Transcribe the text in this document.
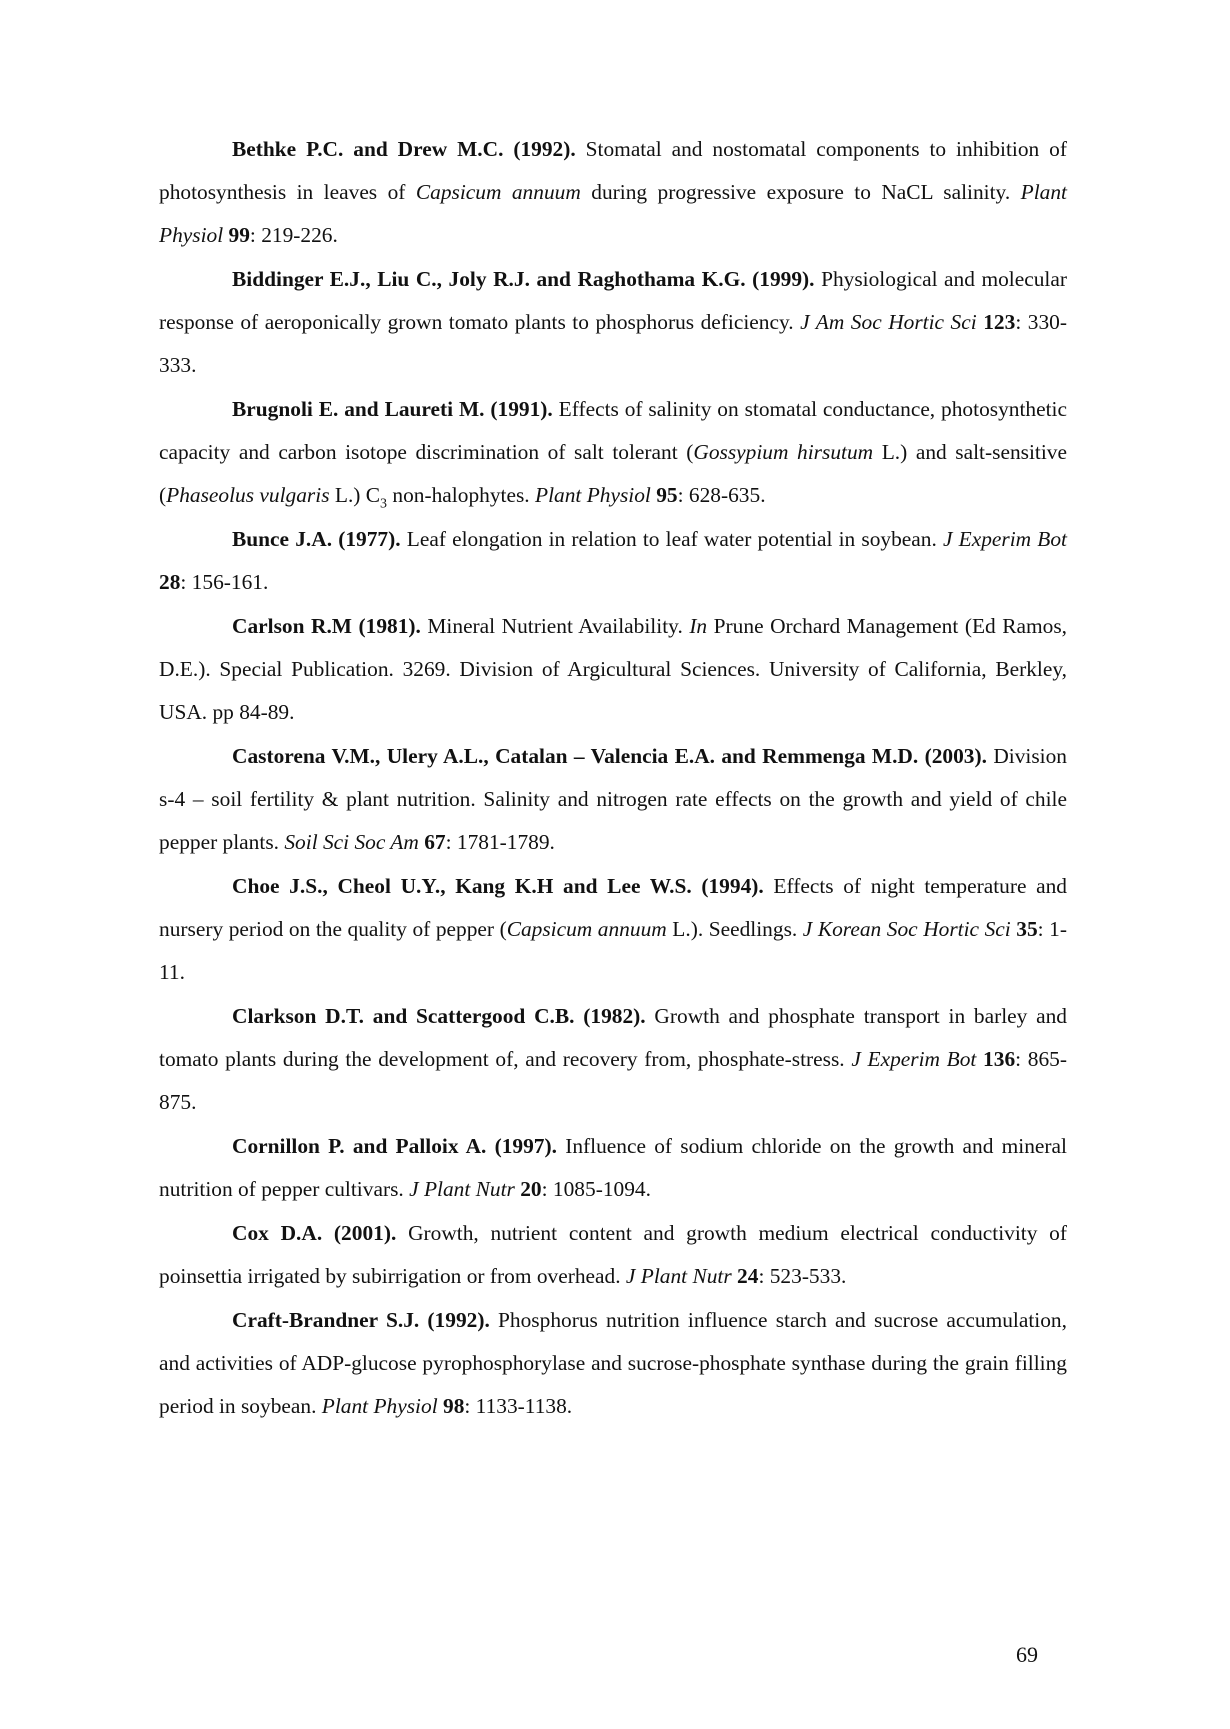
Bethke P.C. and Drew M.C. (1992). Stomatal and nostomatal components to inhibition of photosynthesis in leaves of Capsicum annuum during progressive exposure to NaCL salinity. Plant Physiol 99: 219-226.

Biddinger E.J., Liu C., Joly R.J. and Raghothama K.G. (1999). Physiological and molecular response of aeroponically grown tomato plants to phosphorus deficiency. J Am Soc Hortic Sci 123: 330-333.

Brugnoli E. and Laureti M. (1991). Effects of salinity on stomatal conductance, photosynthetic capacity and carbon isotope discrimination of salt tolerant (Gossypium hirsutum L.) and salt-sensitive (Phaseolus vulgaris L.) $C_3$ non-halophytes. Plant Physiol 95: 628-635.

Bunce J.A. (1977). Leaf elongation in relation to leaf water potential in soybean. J Experim Bot 28: 156-161.

Carlson R.M (1981). Mineral Nutrient Availability. In Prune Orchard Management (Ed Ramos, D.E.). Special Publication. 3269. Division of Argicultural Sciences. University of California, Berkley, USA. pp 84-89.

Castorena V.M., Ulery A.L., Catalan – Valencia E.A. and Remmenga M.D. (2003). Division s-4 – soil fertility & plant nutrition. Salinity and nitrogen rate effects on the growth and yield of chile pepper plants. Soil Sci Soc Am 67: 1781-1789.

Choe J.S., Cheol U.Y., Kang K.H and Lee W.S. (1994). Effects of night temperature and nursery period on the quality of pepper (Capsicum annuum L.). Seedlings. J Korean Soc Hortic Sci 35: 1-11.

Clarkson D.T. and Scattergood C.B. (1982). Growth and phosphate transport in barley and tomato plants during the development of, and recovery from, phosphate-stress. J Experim Bot 136: 865-875.

Cornillon P. and Palloix A. (1997). Influence of sodium chloride on the growth and mineral nutrition of pepper cultivars. J Plant Nutr 20: 1085-1094.

Cox D.A. (2001). Growth, nutrient content and growth medium electrical conductivity of poinsettia irrigated by subirrigation or from overhead. J Plant Nutr 24: 523-533.

Craft-Brandner S.J. (1992). Phosphorus nutrition influence starch and sucrose accumulation, and activities of ADP-glucose pyrophosphorylase and sucrose-phosphate synthase during the grain filling period in soybean. Plant Physiol 98: 1133-1138.

69
